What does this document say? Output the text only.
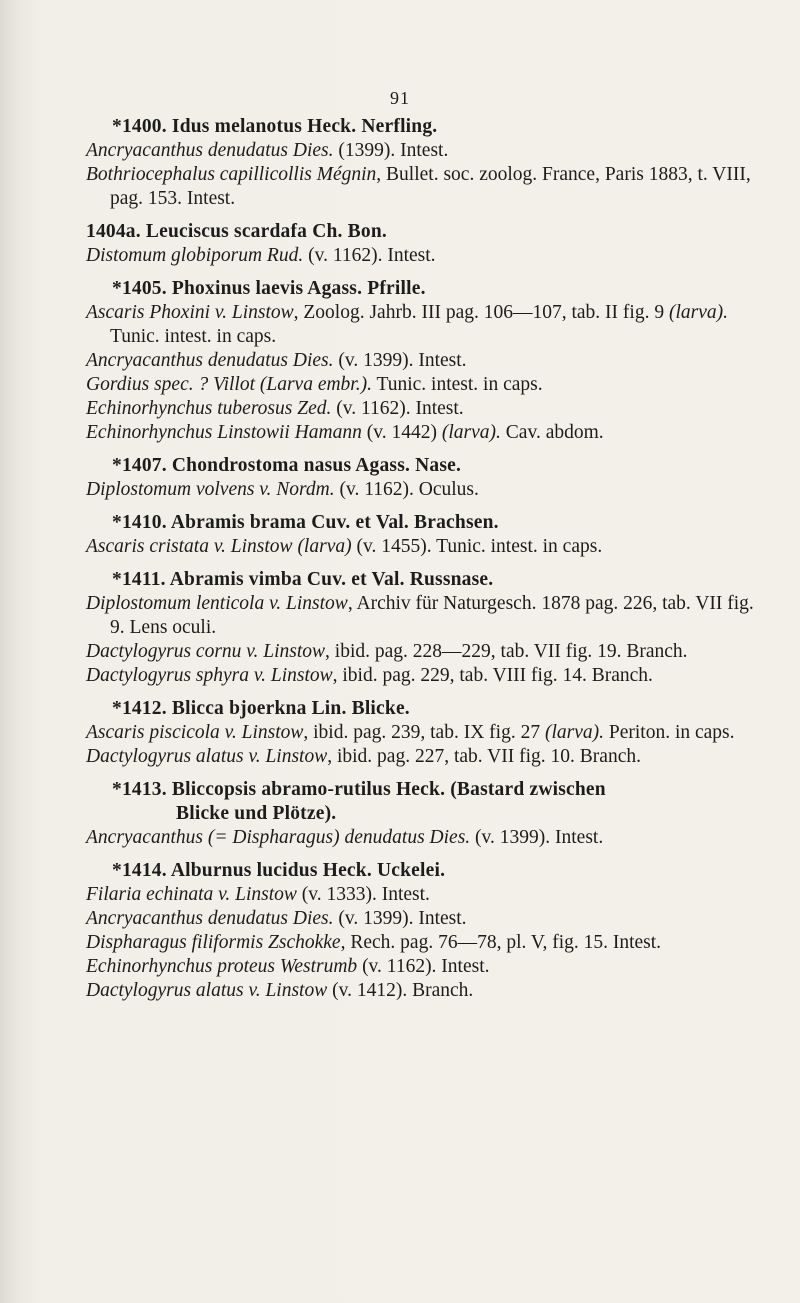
91
*1400. Idus melanotus Heck. Nerfling.
Ancryacanthus denudatus Dies. (1399). Intest.
Bothriocephalus capillicollis Mégnin, Bullet. soc. zoolog. France, Paris 1883, t. VIII, pag. 153. Intest.
1404a. Leuciscus scardafa Ch. Bon.
Distomum globiporum Rud. (v. 1162). Intest.
*1405. Phoxinus laevis Agass. Pfrille.
Ascaris Phoxini v. Linstow, Zoolog. Jahrb. III pag. 106—107, tab. II fig. 9 (larva). Tunic. intest. in caps.
Ancryacanthus denudatus Dies. (v. 1399). Intest.
Gordius spec. ? Villot (Larva embr.). Tunic. intest. in caps.
Echinorhynchus tuberosus Zed. (v. 1162). Intest.
Echinorhynchus Linstowii Hamann (v. 1442) (larva). Cav. abdom.
*1407. Chondrostoma nasus Agass. Nase.
Diplostomum volvens v. Nordm. (v. 1162). Oculus.
*1410. Abramis brama Cuv. et Val. Brachsen.
Ascaris cristata v. Linstow (larva) (v. 1455). Tunic. intest. in caps.
*1411. Abramis vimba Cuv. et Val. Russnase.
Diplostomum lenticola v. Linstow, Archiv für Naturgesch. 1878 pag. 226, tab. VII fig. 9. Lens oculi.
Dactylogyrus cornu v. Linstow, ibid. pag. 228—229, tab. VII fig. 19. Branch.
Dactylogyrus sphyra v. Linstow, ibid. pag. 229, tab. VIII fig. 14. Branch.
*1412. Blicca bjoerkna Lin. Blicke.
Ascaris piscicola v. Linstow, ibid. pag. 239, tab. IX fig. 27 (larva). Periton. in caps.
Dactylogyrus alatus v. Linstow, ibid. pag. 227, tab. VII fig. 10. Branch.
*1413. Bliccopsis abramo-rutilus Heck. (Bastard zwischen
Blicke und Plötze).
Ancryacanthus (= Dispharagus) denudatus Dies. (v. 1399). Intest.
*1414. Alburnus lucidus Heck. Uckelei.
Filaria echinata v. Linstow (v. 1333). Intest.
Ancryacanthus denudatus Dies. (v. 1399). Intest.
Dispharagus filiformis Zschokke, Rech. pag. 76—78, pl. V, fig. 15. Intest.
Echinorhynchus proteus Westrumb (v. 1162). Intest.
Dactylogyrus alatus v. Linstow (v. 1412). Branch.
